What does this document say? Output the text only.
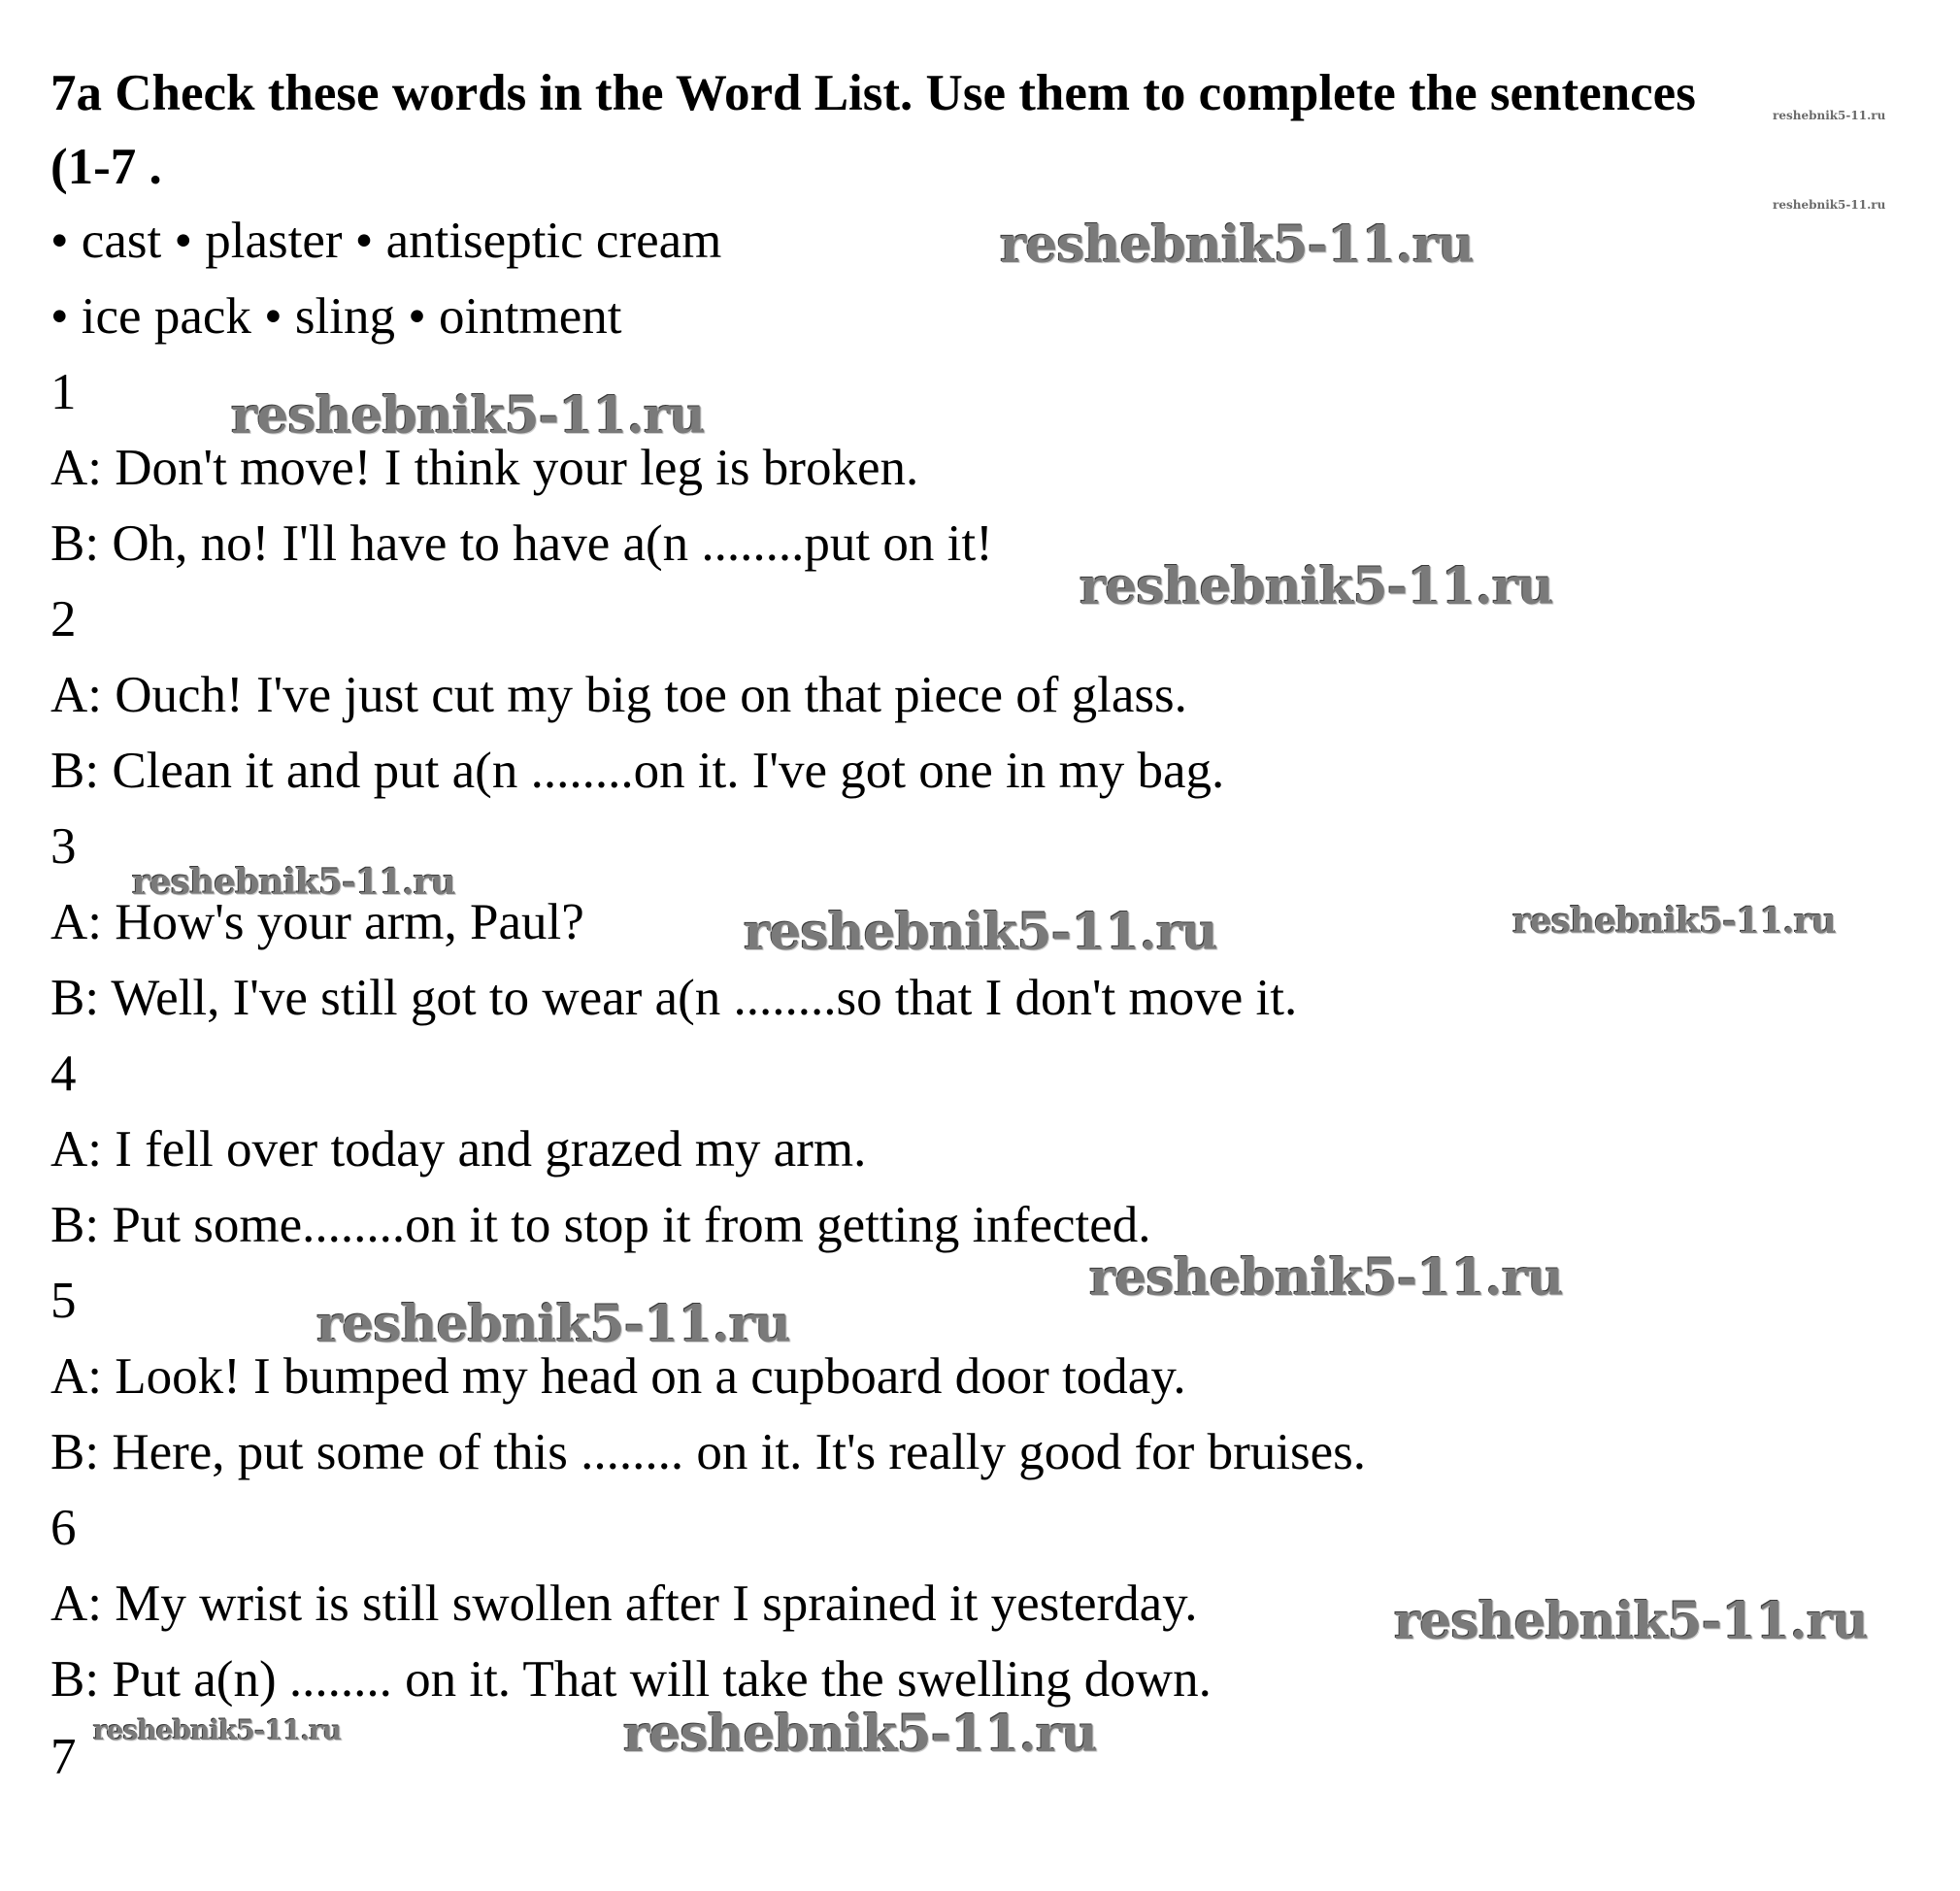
7a Check these words in the Word List. Use them to complete the sentences
(1-7 .
• cast • plaster • antiseptic cream
• ice pack • sling • ointment
1
A: Don't move! I think your leg is broken.
B: Oh, no! I'll have to have a(n ........put on it!
2
A: Ouch! I've just cut my big toe on that piece of glass.
B: Clean it and put a(n ........on it. I've got one in my bag.
3
A: How's your arm, Paul?
B: Well, I've still got to wear a(n ........so that I don't move it.
4
A: I fell over today and grazed my arm.
B: Put some........on it to stop it from getting infected.
5
A: Look! I bumped my head on a cupboard door today.
B: Here, put some of this ........ on it. It's really good for bruises.
6
A: My wrist is still swollen after I sprained it yesterday.
B: Put a(n) ........ on it. That will take the swelling down.
7
reshebnik5-11.ru
reshebnik5-11.ru
reshebnik5-11.ru
reshebnik5-11.ru
reshebnik5-11.ru
reshebnik5-11.ru
reshebnik5-11.ru	reshebnik5-11.ru
reshebnik5-11.ru
reshebnik5-11.ru
reshebnik5-11.ru
reshebnik5-11.ru	reshebnik5-11.ru
